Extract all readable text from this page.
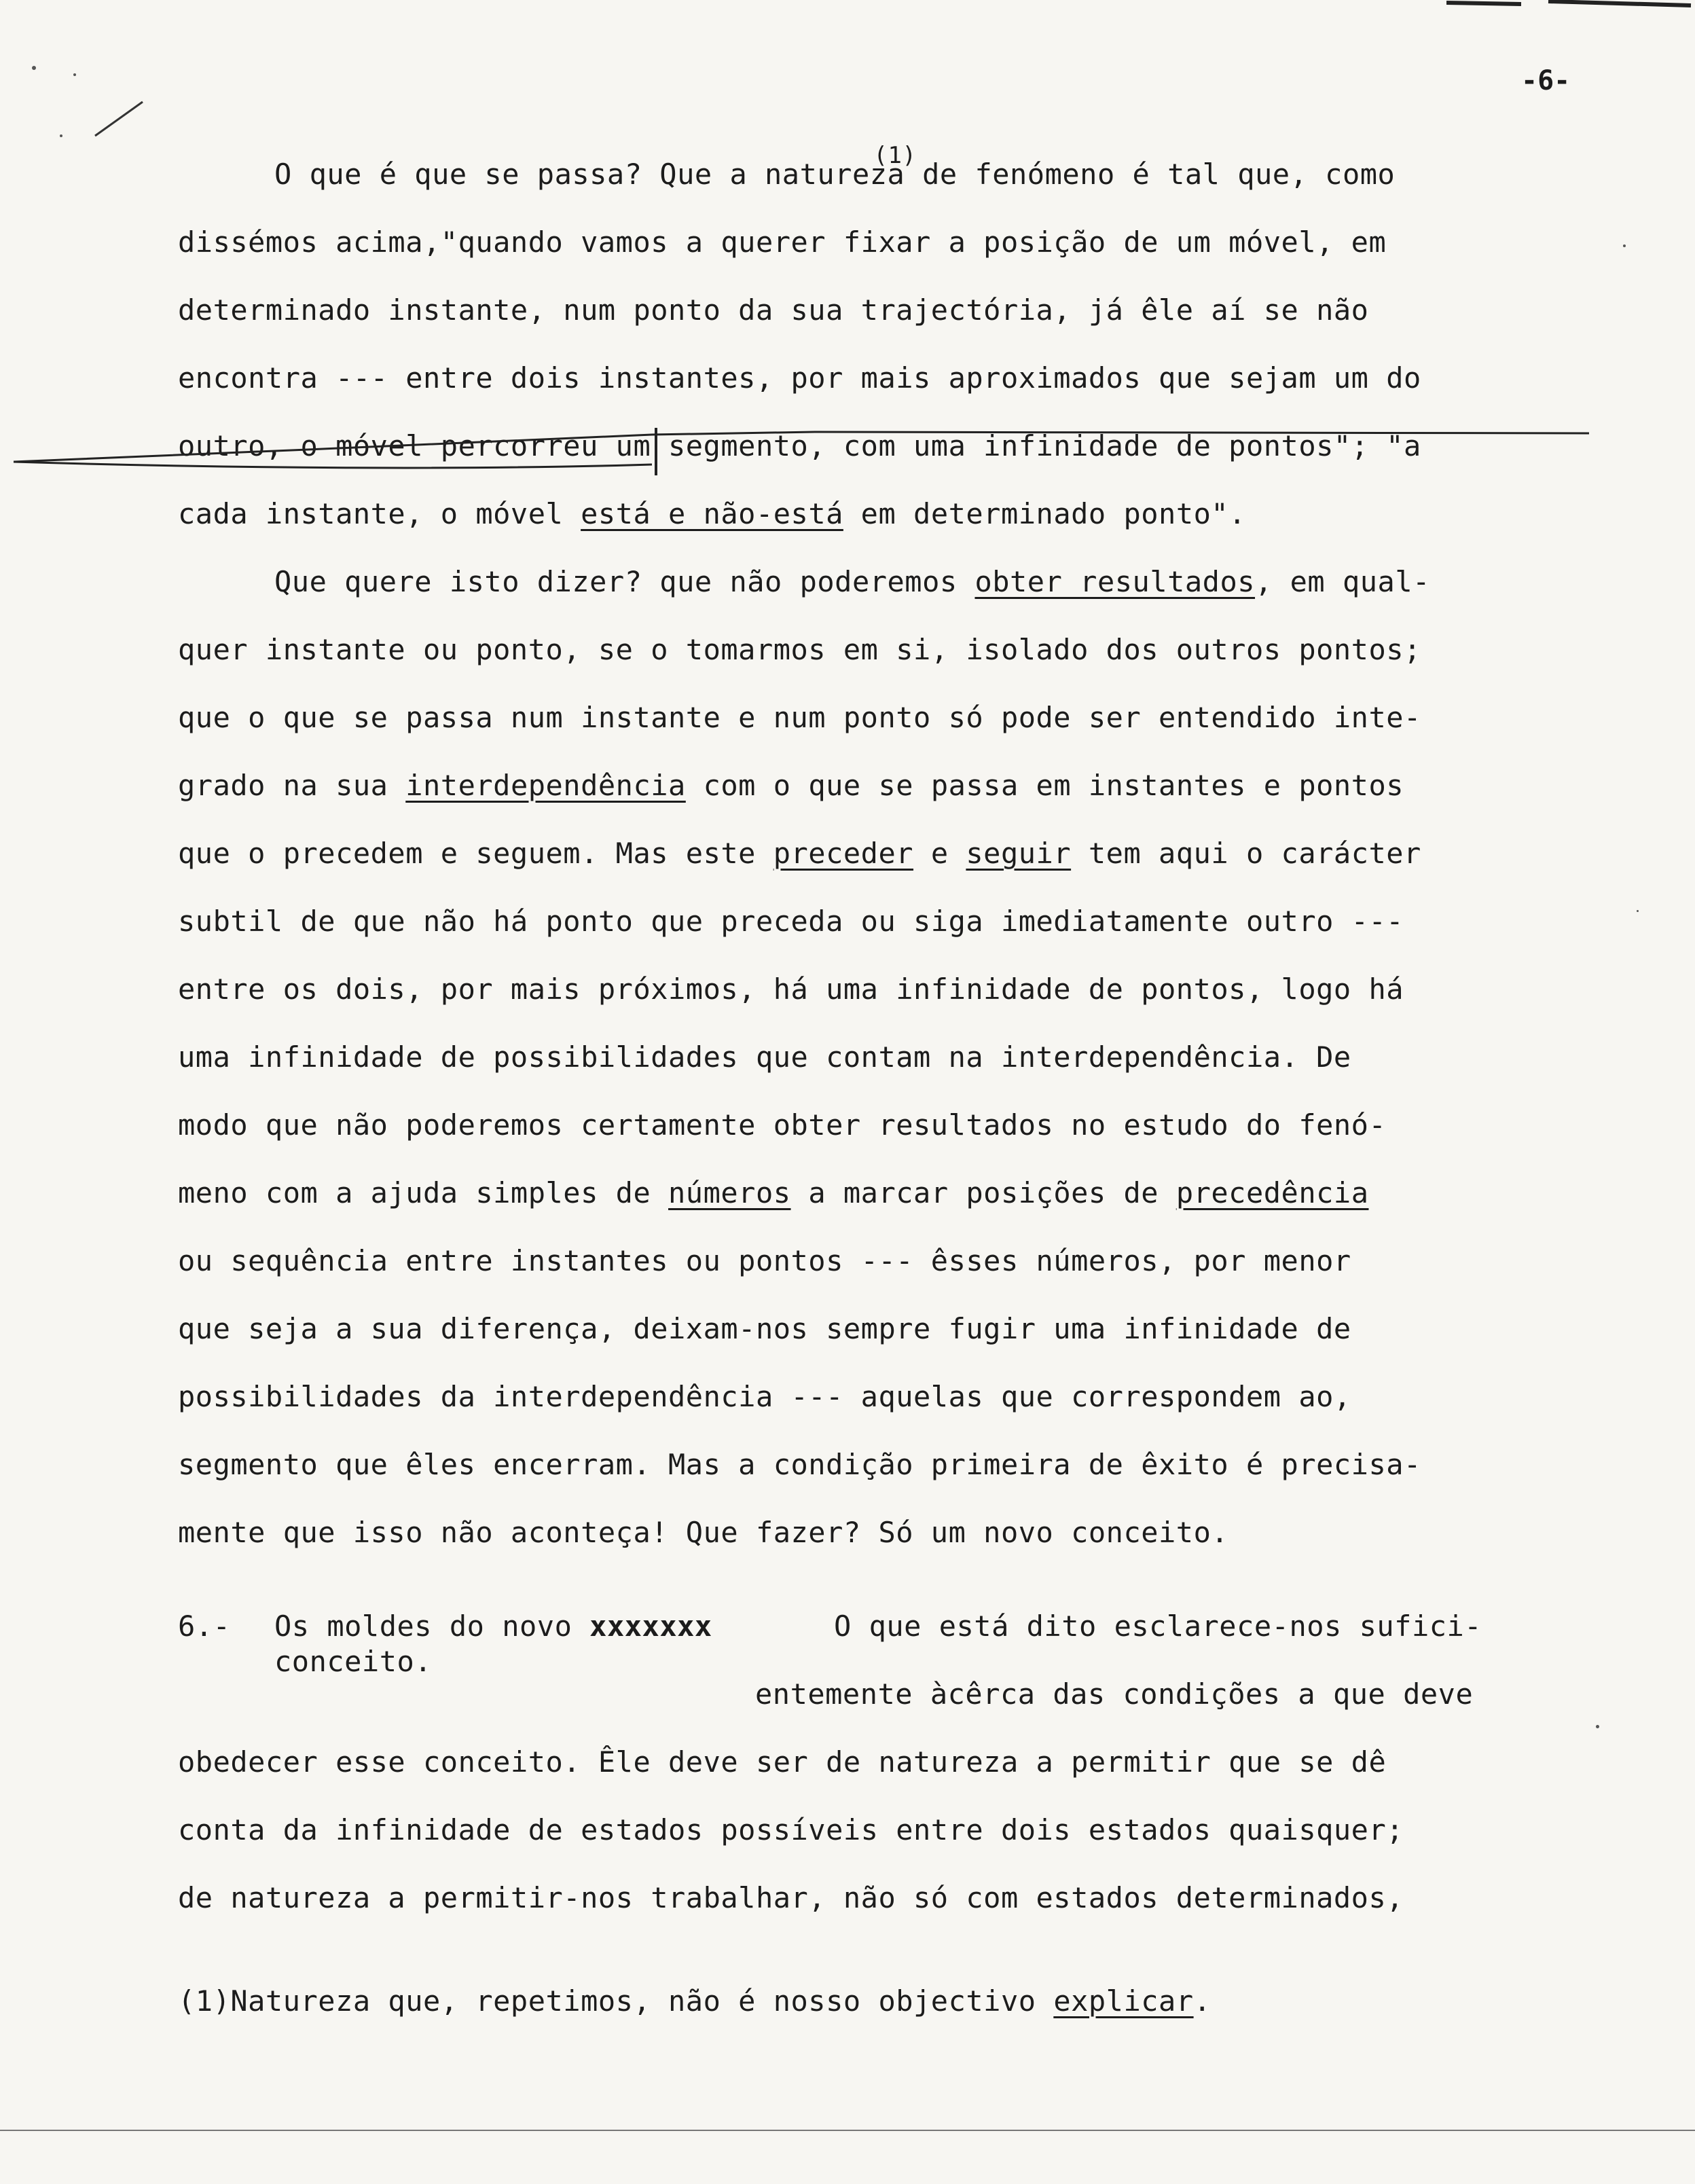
-6-
O que é que se passa? Que a naturez
(1)
a de fenómeno é tal que, como
dissémos acima,"quando vamos a querer fixar a posição de um móvel, em
determinado instante, num ponto da sua trajectória, já êle aí se não
encontra --- entre dois instantes, por mais aproximados que sejam um do
outro, o móvel percorreu um segmento, com uma infinidade de pontos"; "a
cada instante, o móvel está e não-está em determinado ponto".
Que quere isto dizer? que não poderemos obter resultados, em qual-
quer instante ou ponto, se o tomarmos em si, isolado dos outros pontos;
que o que se passa num instante e num ponto só pode ser entendido inte-
grado na sua interdependência com o que se passa em instantes e pontos
que o precedem e seguem. Mas este preceder e seguir tem aqui o carácter
subtil de que não há ponto que preceda ou siga imediatamente outro ---
entre os dois, por mais próximos, há uma infinidade de pontos, logo há
uma infinidade de possibilidades que contam na interdependência. De
modo que não poderemos certamente obter resultados no estudo do fenó-
meno com a ajuda simples de números a marcar posições de precedência
ou sequência entre instantes ou pontos --- êsses números, por menor
que seja a sua diferença, deixam-nos sempre fugir uma infinidade de
possibilidades da interdependência --- aquelas que correspondem ao,
segmento que êles encerram. Mas a condição primeira de êxito é precisa-
mente que isso não aconteça! Que fazer? Só um novo conceito.
6.- Os moldes do novo xxxxxxx
conceito.
O que está dito esclarece-nos sufici-
entemente àcêrca das condições a que deve
obedecer esse conceito. Êle deve ser de natureza a permitir que se dê
conta da infinidade de estados possíveis entre dois estados quaisquer;
de natureza a permitir-nos trabalhar, não só com estados determinados,
(1)Natureza que, repetimos, não é nosso objectivo explicar.
